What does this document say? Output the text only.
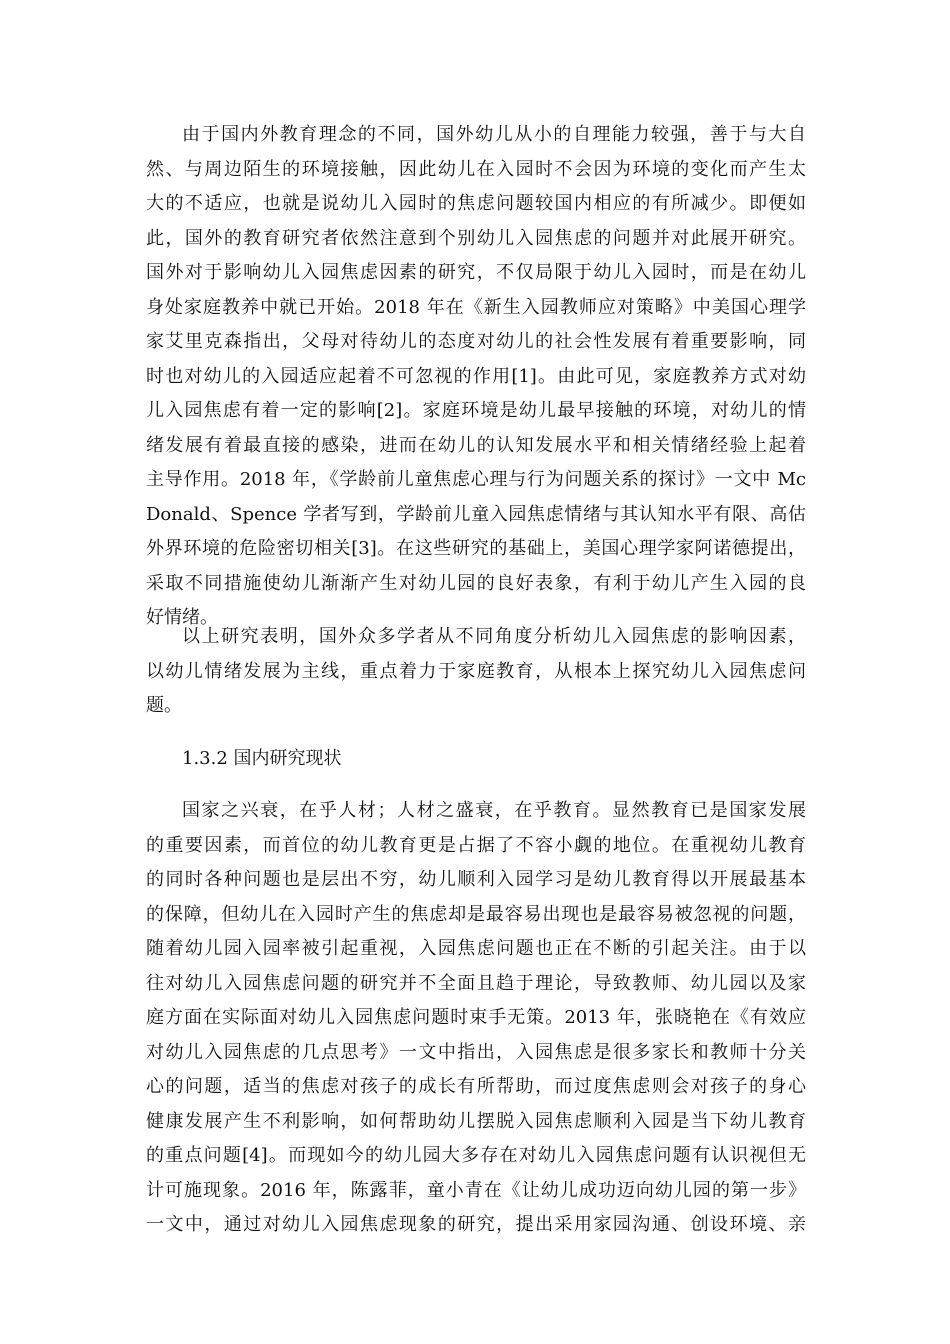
由于国内外教育理念的不同，国外幼儿从小的自理能力较强，善于与大自
然、与周边陌生的环境接触，因此幼儿在入园时不会因为环境的变化而产生太
大的不适应，也就是说幼儿入园时的焦虑问题较国内相应的有所减少。即便如
此，国外的教育研究者依然注意到个别幼儿入园焦虑的问题并对此展开研究。
国外对于影响幼儿入园焦虑因素的研究，不仅局限于幼儿入园时，而是在幼儿
身处家庭教养中就已开始。2018 年在《新生入园教师应对策略》中美国心理学
家艾里克森指出，父母对待幼儿的态度对幼儿的社会性发展有着重要影响，同
时也对幼儿的入园适应起着不可忽视的作用[1]。由此可见，家庭教养方式对幼
儿入园焦虑有着一定的影响[2]。家庭环境是幼儿最早接触的环境，对幼儿的情
绪发展有着最直接的感染，进而在幼儿的认知发展水平和相关情绪经验上起着
主导作用。2018 年，《学龄前儿童焦虑心理与行为问题关系的探讨》一文中 Mc
Donald、Spence 学者写到，学龄前儿童入园焦虑情绪与其认知水平有限、高估
外界环境的危险密切相关[3]。在这些研究的基础上，美国心理学家阿诺德提出，
采取不同措施使幼儿渐渐产生对幼儿园的良好表象，有利于幼儿产生入园的良
好情绪。
以上研究表明，国外众多学者从不同角度分析幼儿入园焦虑的影响因素，
以幼儿情绪发展为主线，重点着力于家庭教育，从根本上探究幼儿入园焦虑问
题。
1.3.2 国内研究现状
国家之兴衰，在乎人材；人材之盛衰，在乎教育。显然教育已是国家发展
的重要因素，而首位的幼儿教育更是占据了不容小觑的地位。在重视幼儿教育
的同时各种问题也是层出不穷，幼儿顺利入园学习是幼儿教育得以开展最基本
的保障，但幼儿在入园时产生的焦虑却是最容易出现也是最容易被忽视的问题，
随着幼儿园入园率被引起重视，入园焦虑问题也正在不断的引起关注。由于以
往对幼儿入园焦虑问题的研究并不全面且趋于理论，导致教师、幼儿园以及家
庭方面在实际面对幼儿入园焦虑问题时束手无策。2013 年，张晓艳在《有效应
对幼儿入园焦虑的几点思考》一文中指出，入园焦虑是很多家长和教师十分关
心的问题，适当的焦虑对孩子的成长有所帮助，而过度焦虑则会对孩子的身心
健康发展产生不利影响，如何帮助幼儿摆脱入园焦虑顺利入园是当下幼儿教育
的重点问题[4]。而现如今的幼儿园大多存在对幼儿入园焦虑问题有认识视但无
计可施现象。2016 年，陈露菲，童小青在《让幼儿成功迈向幼儿园的第一步》
一文中，通过对幼儿入园焦虑现象的研究，提出采用家园沟通、创设环境、亲
